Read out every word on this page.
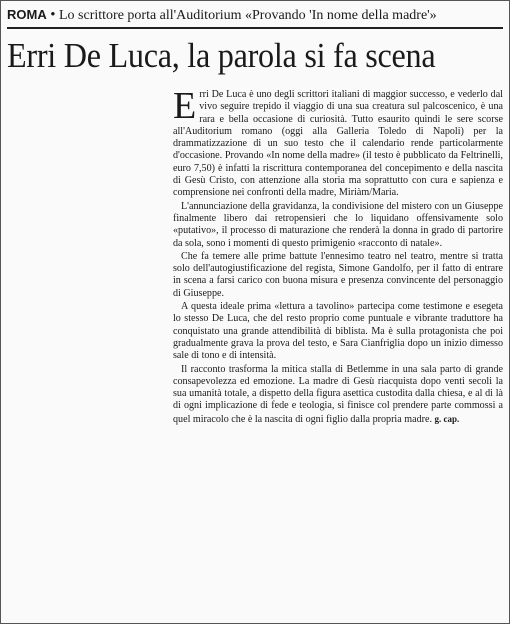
ROMA • Lo scrittore porta all'Auditorium «Provando 'In nome della madre'»
Erri De Luca, la parola si fa scena

Erri De Luca è uno degli scrittori italiani di maggior successo, e vederlo dal vivo seguire trepido il viaggio di una sua creatura sul palcoscenico, è una rara e bella occasione di curiosità. Tutto esaurito quindi le sere scorse all'Auditorium romano (oggi alla Galleria Toledo di Napoli) per la drammatizzazione di un suo testo che il calendario rende particolarmente d'occasione. Provando «In nome della madre» (il testo è pubblicato da Feltrinelli, euro 7,50) è infatti la riscrittura contemporanea del concepimento e della nascita di Gesù Cristo, con attenzione alla storia ma soprattutto con cura e sapienza e comprensione nei confronti della madre, Miriàm/Maria.

L'annunciazione della gravidanza, la condivisione del mistero con un Giuseppe finalmente libero dai retropensieri che lo liquidano offensivamente solo «putativo», il processo di maturazione che renderà la donna in grado di partorire da sola, sono i momenti di questo primigenio «racconto di natale».

Che fa temere alle prime battute l'ennesimo teatro nel teatro, mentre si tratta solo dell'autogiustificazione del regista, Simone Gandolfo, per il fatto di entrare in scena a farsi carico con buona misura e presenza convincente del personaggio di Giuseppe.

A questa ideale prima «lettura a tavolino» partecipa come testimone e esegeta lo stesso De Luca, che del resto proprio come puntuale e vibrante traduttore ha conquistato una grande attendibilità di biblista. Ma è sulla protagonista che poi gradualmente grava la prova del testo, e Sara Cianfriglia dopo un inizio dimesso sale di tono e di intensità.

Il racconto trasforma la mitica stalla di Betlemme in una sala parto di grande consapevolezza ed emozione. La madre di Gesù riacquista dopo venti secoli la sua umanità totale, a dispetto della figura asettica custodita dalla chiesa, e al di là di ogni implicazione di fede e teologia, si finisce col prendere parte commossi a quel miracolo che è la nascita di ogni figlio dalla propria madre. g. cap.
